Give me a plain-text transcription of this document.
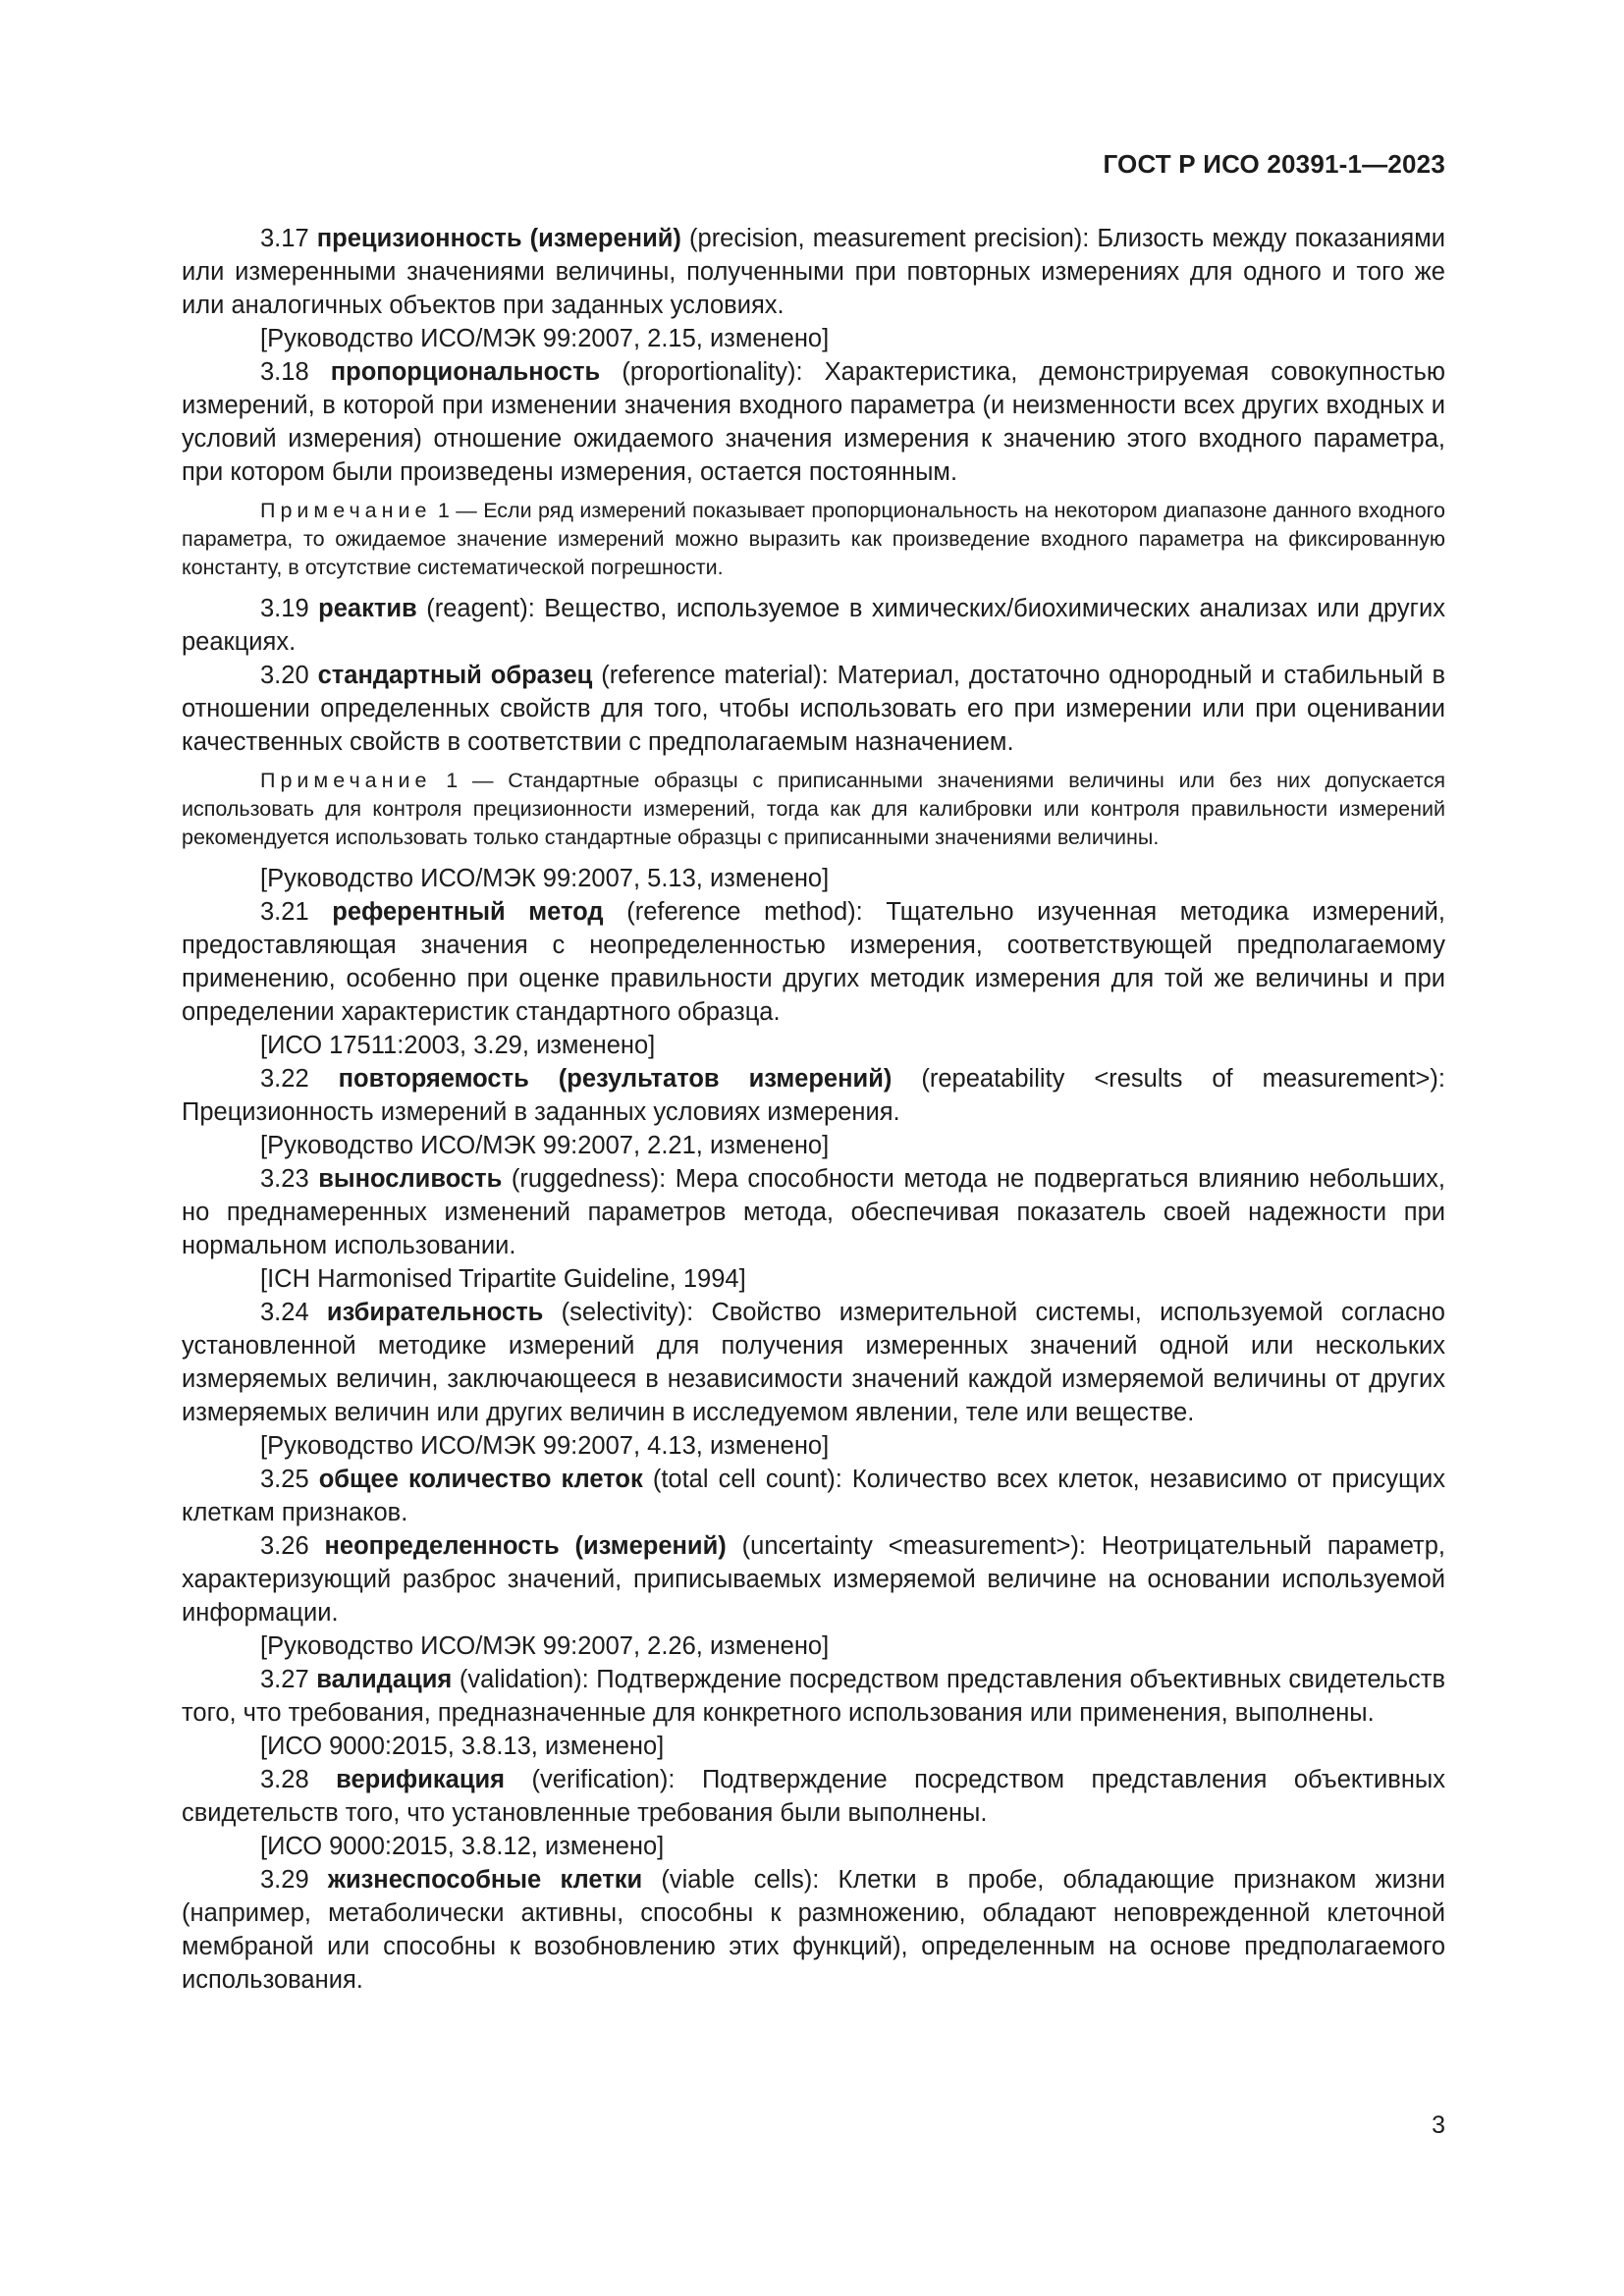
ГОСТ Р ИСО 20391-1—2023

3.17 прецизионность (измерений) (precision, measurement precision): Близость между показаниями или измеренными значениями величины, полученными при повторных измерениях для одного и того же или аналогичных объектов при заданных условиях.

[Руководство ИСО/МЭК 99:2007, 2.15, изменено]

3.18 пропорциональность (proportionality): Характеристика, демонстрируемая совокупностью измерений, в которой при изменении значения входного параметра (и неизменности всех других входных и условий измерения) отношение ожидаемого значения измерения к значению этого входного параметра, при котором были произведены измерения, остается постоянным.

Примечание 1 — Если ряд измерений показывает пропорциональность на некотором диапазоне данного входного параметра, то ожидаемое значение измерений можно выразить как произведение входного параметра на фиксированную константу, в отсутствие систематической погрешности.

3.19 реактив (reagent): Вещество, используемое в химических/биохимических анализах или других реакциях.

3.20 стандартный образец (reference material): Материал, достаточно однородный и стабильный в отношении определенных свойств для того, чтобы использовать его при измерении или при оценивании качественных свойств в соответствии с предполагаемым назначением.

Примечание 1 — Стандартные образцы с приписанными значениями величины или без них допускается использовать для контроля прецизионности измерений, тогда как для калибровки или контроля правильности измерений рекомендуется использовать только стандартные образцы с приписанными значениями величины.

[Руководство ИСО/МЭК 99:2007, 5.13, изменено]

3.21 референтный метод (reference method): Тщательно изученная методика измерений, предоставляющая значения с неопределенностью измерения, соответствующей предполагаемому применению, особенно при оценке правильности других методик измерения для той же величины и при определении характеристик стандартного образца.

[ИСО 17511:2003, 3.29, изменено]

3.22 повторяемость (результатов измерений) (repeatability <results of measurement>): Прецизионность измерений в заданных условиях измерения.

[Руководство ИСО/МЭК 99:2007, 2.21, изменено]

3.23 выносливость (ruggedness): Мера способности метода не подвергаться влиянию небольших, но преднамеренных изменений параметров метода, обеспечивая показатель своей надежности при нормальном использовании.

[ICH Harmonised Tripartite Guideline, 1994]

3.24 избирательность (selectivity): Свойство измерительной системы, используемой согласно установленной методике измерений для получения измеренных значений одной или нескольких измеряемых величин, заключающееся в независимости значений каждой измеряемой величины от других измеряемых величин или других величин в исследуемом явлении, теле или веществе.

[Руководство ИСО/МЭК 99:2007, 4.13, изменено]

3.25 общее количество клеток (total cell count): Количество всех клеток, независимо от присущих клеткам признаков.

3.26 неопределенность (измерений) (uncertainty <measurement>): Неотрицательный параметр, характеризующий разброс значений, приписываемых измеряемой величине на основании используемой информации.

[Руководство ИСО/МЭК 99:2007, 2.26, изменено]

3.27 валидация (validation): Подтверждение посредством представления объективных свидетельств того, что требования, предназначенные для конкретного использования или применения, выполнены.

[ИСО 9000:2015, 3.8.13, изменено]

3.28 верификация (verification): Подтверждение посредством представления объективных свидетельств того, что установленные требования были выполнены.

[ИСО 9000:2015, 3.8.12, изменено]

3.29 жизнеспособные клетки (viable cells): Клетки в пробе, обладающие признаком жизни (например, метаболически активны, способны к размножению, обладают неповрежденной клеточной мембраной или способны к возобновлению этих функций), определенным на основе предполагаемого использования.

3
